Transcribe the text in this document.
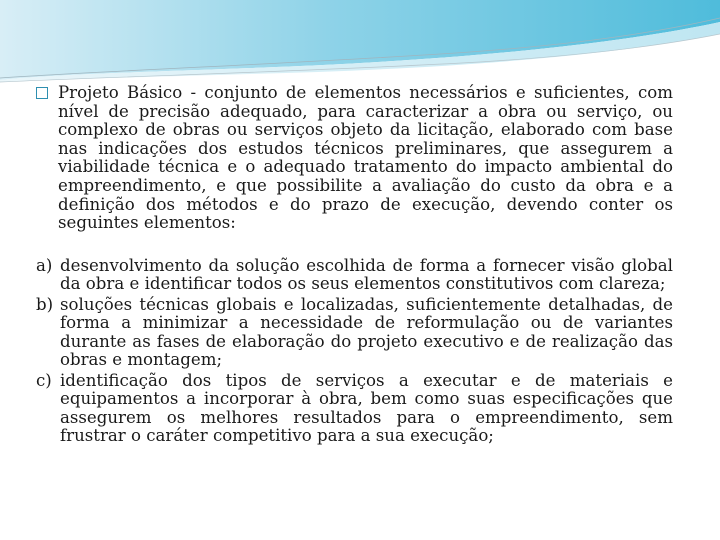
Projeto Básico - conjunto de elementos necessários e suficientes, com nível de precisão adequado, para caracterizar a obra ou serviço, ou complexo de obras ou serviços objeto da licitação, elaborado com base nas indicações dos estudos técnicos preliminares, que assegurem a viabilidade técnica e o adequado tratamento do impacto ambiental do empreendimento, e que possibilite a avaliação do custo da obra e a definição dos métodos e do prazo de execução, devendo conter os seguintes elementos:

a) desenvolvimento da solução escolhida de forma a fornecer visão global da obra e identificar todos os seus elementos constitutivos com clareza;

b) soluções técnicas globais e localizadas, suficientemente detalhadas, de forma a minimizar a necessidade de reformulação ou de variantes durante as fases de elaboração do projeto executivo e de realização das obras e montagem;

c) identificação dos tipos de serviços a executar e de materiais e equipamentos a incorporar à obra, bem como suas especificações que assegurem os melhores resultados para o empreendimento, sem frustrar o caráter competitivo para a sua execução;
